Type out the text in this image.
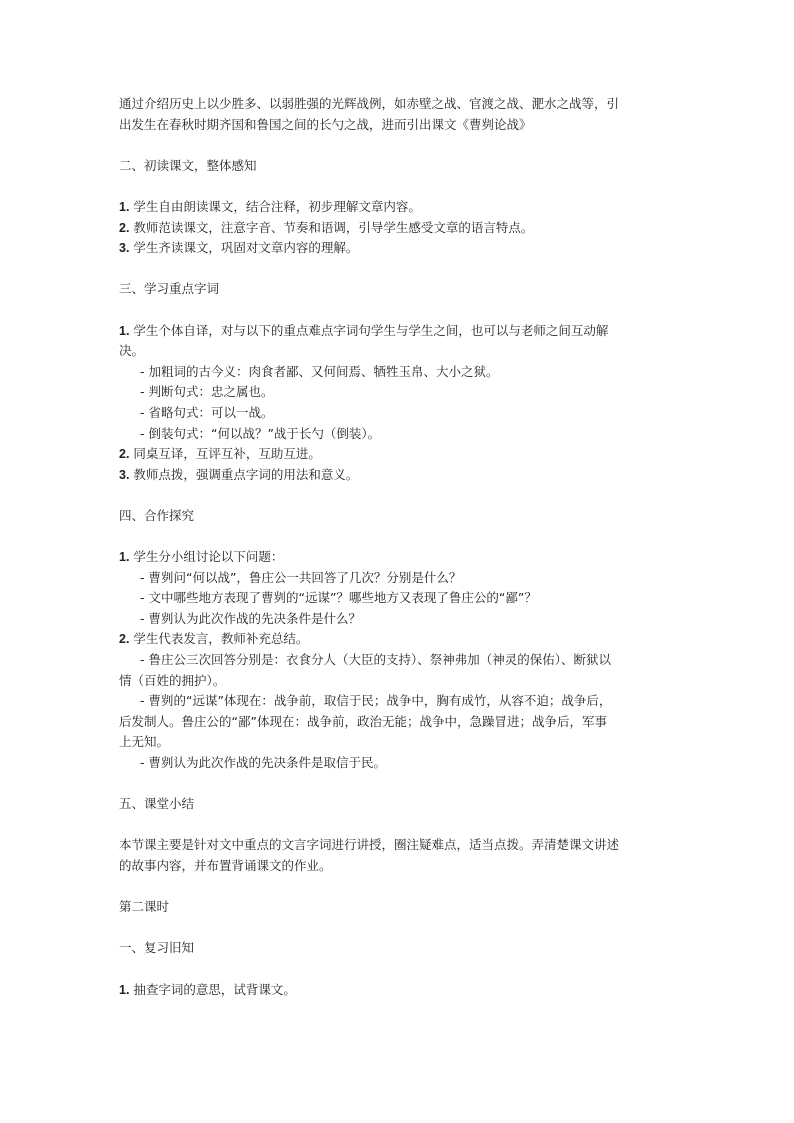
通过介绍历史上以少胜多、以弱胜强的光辉战例，如赤壁之战、官渡之战、淝水之战等，引

出发生在春秋时期齐国和鲁国之间的长勺之战，进而引出课文《曹刿论战》

二、初读课文，整体感知

1. 学生自由朗读课文，结合注释，初步理解文章内容。

2. 教师范读课文，注意字音、节奏和语调，引导学生感受文章的语言特点。

3. 学生齐读课文，巩固对文章内容的理解。

三、学习重点字词

1. 学生个体自译，对与以下的重点难点字词句学生与学生之间，也可以与老师之间互动解

决。

- 加粗词的古今义：肉食者鄙、又何间焉、牺牲玉帛、大小之狱。

- 判断句式：忠之属也。

- 省略句式：可以一战。

- 倒装句式：“何以战？”战于长勺（倒装）。

2. 同桌互译，互评互补，互助互进。

3. 教师点拨，强调重点字词的用法和意义。

四、合作探究

1. 学生分小组讨论以下问题：

- 曹刿问“何以战”，鲁庄公一共回答了几次？分别是什么？

- 文中哪些地方表现了曹刿的“远谋”？哪些地方又表现了鲁庄公的“鄙”？

- 曹刿认为此次作战的先决条件是什么？

2. 学生代表发言，教师补充总结。

- 鲁庄公三次回答分别是：衣食分人（大臣的支持）、祭神弗加（神灵的保佑）、断狱以

情（百姓的拥护）。

- 曹刿的“远谋”体现在：战争前，取信于民；战争中，胸有成竹，从容不迫；战争后，

后发制人。鲁庄公的“鄙”体现在：战争前，政治无能；战争中，急躁冒进；战争后，军事

上无知。

- 曹刿认为此次作战的先决条件是取信于民。

五、课堂小结

本节课主要是针对文中重点的文言字词进行讲授，圈注疑难点，适当点拨。弄清楚课文讲述

的故事内容，并布置背诵课文的作业。

第二课时

一、复习旧知

1. 抽查字词的意思，试背课文。
